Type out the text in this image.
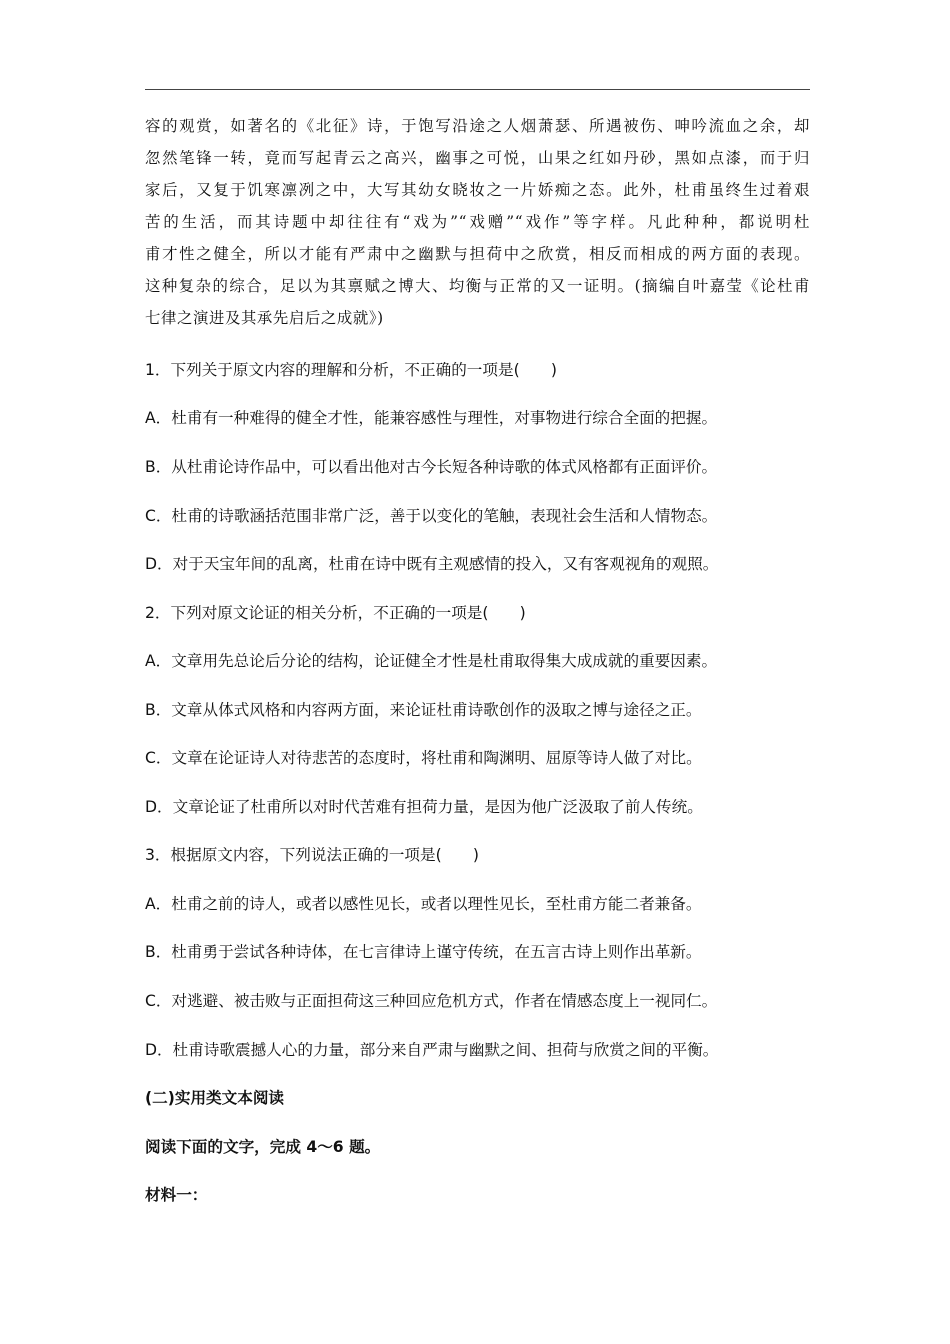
容的观赏，如著名的《北征》诗，于饱写沿途之人烟萧瑟、所遇被伤、呻吟流血之余，却
忽然笔锋一转，竟而写起青云之高兴，幽事之可悦，山果之红如丹砂，黑如点漆，而于归
家后，又复于饥寒凛冽之中，大写其幼女晓妆之一片娇痴之态。此外，杜甫虽终生过着艰
苦的生活，而其诗题中却往往有“戏为”“戏赠”“戏作”等字样。凡此种种，都说明杜
甫才性之健全，所以才能有严肃中之幽默与担荷中之欣赏，相反而相成的两方面的表现。
这种复杂的综合，足以为其禀赋之博大、均衡与正常的又一证明。(摘编自叶嘉莹《论杜甫
七律之演进及其承先启后之成就》)
1．下列关于原文内容的理解和分析，不正确的一项是(　　)
A．杜甫有一种难得的健全才性，能兼容感性与理性，对事物进行综合全面的把握。
B．从杜甫论诗作品中，可以看出他对古今长短各种诗歌的体式风格都有正面评价。
C．杜甫的诗歌涵括范围非常广泛，善于以变化的笔触，表现社会生活和人情物态。
D．对于天宝年间的乱离，杜甫在诗中既有主观感情的投入，又有客观视角的观照。
2．下列对原文论证的相关分析，不正确的一项是(　　)
A．文章用先总论后分论的结构，论证健全才性是杜甫取得集大成成就的重要因素。
B．文章从体式风格和内容两方面，来论证杜甫诗歌创作的汲取之博与途径之正。
C．文章在论证诗人对待悲苦的态度时，将杜甫和陶渊明、屈原等诗人做了对比。
D．文章论证了杜甫所以对时代苦难有担荷力量，是因为他广泛汲取了前人传统。
3．根据原文内容，下列说法正确的一项是(　　)
A．杜甫之前的诗人，或者以感性见长，或者以理性见长，至杜甫方能二者兼备。
B．杜甫勇于尝试各种诗体，在七言律诗上谨守传统，在五言古诗上则作出革新。
C．对逃避、被击败与正面担荷这三种回应危机方式，作者在情感态度上一视同仁。
D．杜甫诗歌震撼人心的力量，部分来自严肃与幽默之间、担荷与欣赏之间的平衡。
(二)实用类文本阅读
阅读下面的文字，完成 4～6 题。
材料一：
